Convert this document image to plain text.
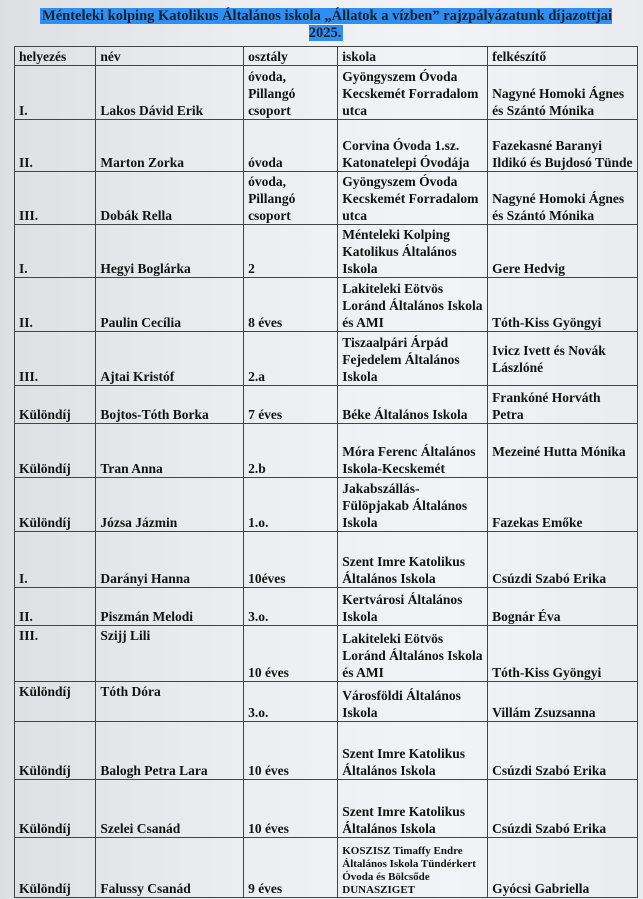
Ménteleki kolping Katolikus Általános iskola „Állatok a vízben” rajzpályázatunk díjazottjai 2025.
helyezés	név	osztály	iskola	felkészítő
I.	Lakos Dávid Erik	óvoda, Pillangó csoport	Gyöngyszem Óvoda Kecskemét Forradalom utca	Nagyné Homoki Ágnes és Szántó Mónika
II.	Marton Zorka	óvoda	Corvina Óvoda 1.sz. Katonatelepi Óvodája	Fazekasné Baranyi Ildikó és Bujdosó Tünde
III.	Dobák Rella	óvoda, Pillangó csoport	Gyöngyszem Óvoda Kecskemét Forradalom utca	Nagyné Homoki Ágnes és Szántó Mónika
I.	Hegyi Boglárka	2	Ménteleki Kolping Katolikus Általános Iskola	Gere Hedvig
II.	Paulin Cecília	8 éves	Lakiteleki Eötvös Loránd Általános Iskola és AMI	Tóth-Kiss Gyöngyi
III.	Ajtai Kristóf	2.a	Tiszaalpári Árpád Fejedelem Általános Iskola	Ivicz Ivett és Novák Lászlóné
Különdíj	Bojtos-Tóth Borka	7 éves	Béke Általános Iskola	Frankóné Horváth Petra
Különdíj	Tran Anna	2.b	Móra Ferenc Általános Iskola-Kecskemét	Mezeiné Hutta Mónika
Különdíj	Józsa Jázmin	1.o.	Jakabszállás-Fülöpjakab Általános Iskola	Fazekas Emőke
I.	Darányi Hanna	10éves	Szent Imre Katolikus Általános Iskola	Csúzdi Szabó Erika
II.	Piszmán Melodi	3.o.	Kertvárosi Általános Iskola	Bognár Éva
III.	Szijj Lili	10 éves	Lakiteleki Eötvös Loránd Általános Iskola és AMI	Tóth-Kiss Gyöngyi
Különdíj	Tóth Dóra	3.o.	Városföldi Általános Iskola	Villám Zsuzsanna
Különdíj	Balogh Petra Lara	10 éves	Szent Imre Katolikus Általános Iskola	Csúzdi Szabó Erika
Különdíj	Szelei Csanád	10 éves	Szent Imre Katolikus Általános Iskola	Csúzdi Szabó Erika
Különdíj	Falussy Csanád	9 éves	KOSZISZ Timaffy Endre Általános Iskola Tündérkert Óvoda és Bölcsőde DUNASZIGET	Gyócsi Gabriella
